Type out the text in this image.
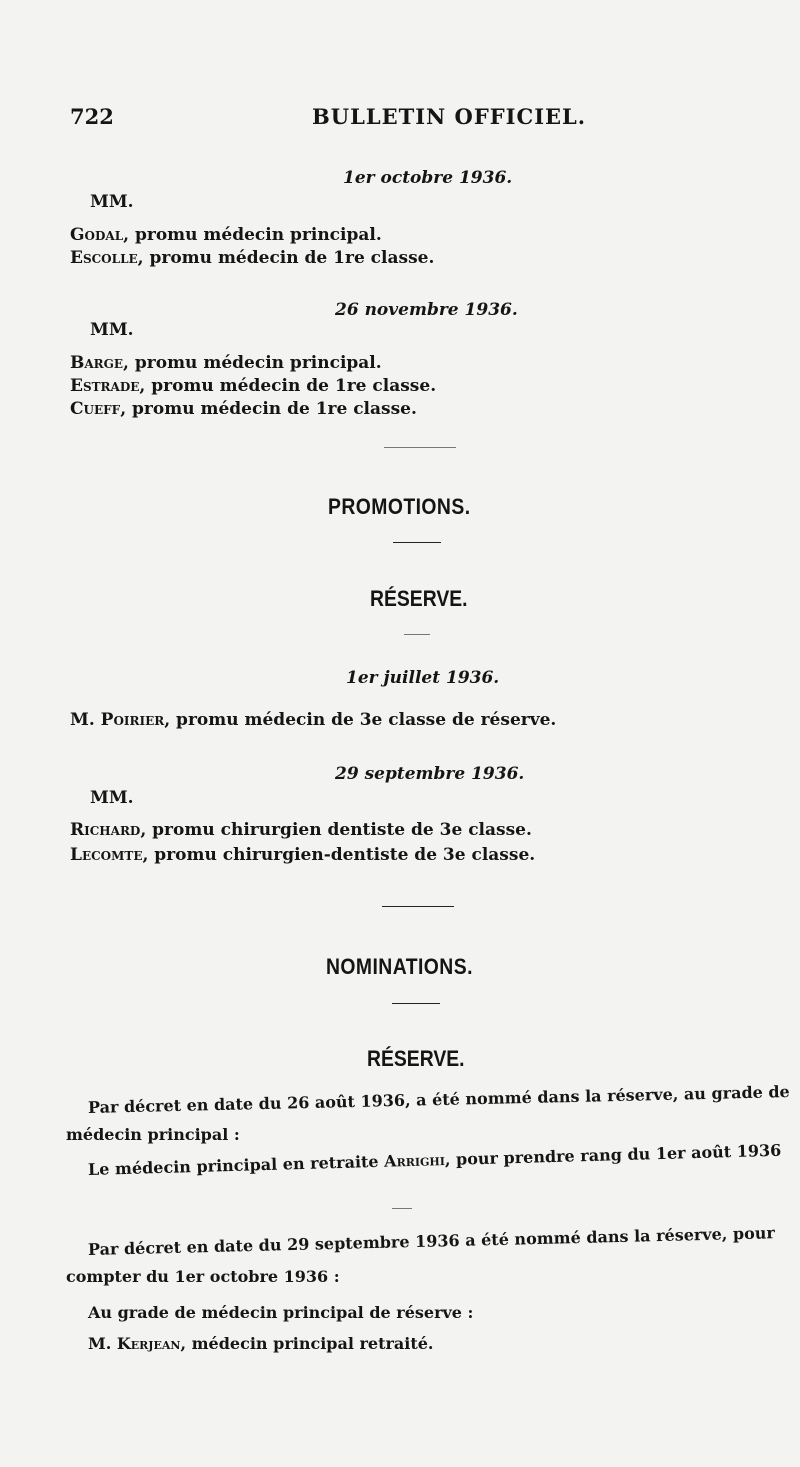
722	BULLETIN OFFICIEL.
1er octobre 1936.
MM.
Godal, promu médecin principal.
Escolle, promu médecin de 1re classe.
26 novembre 1936.
MM.
Barge, promu médecin principal.
Estrade, promu médecin de 1re classe.
Cueff, promu médecin de 1re classe.
PROMOTIONS.
RÉSERVE.
1er juillet 1936.
M. Poirier, promu médecin de 3e classe de réserve.
29 septembre 1936.
MM.
Richard, promu chirurgien dentiste de 3e classe.
Lecomte, promu chirurgien-dentiste de 3e classe.
NOMINATIONS.
RÉSERVE.
Par décret en date du 26 août 1936, a été nommé dans la réserve, au grade de
médecin principal :
Le médecin principal en retraite Arrighi, pour prendre rang du 1er août 1936
Par décret en date du 29 septembre 1936 a été nommé dans la réserve, pour
compter du 1er octobre 1936 :
Au grade de médecin principal de réserve :
M. Kerjean, médecin principal retraité.
